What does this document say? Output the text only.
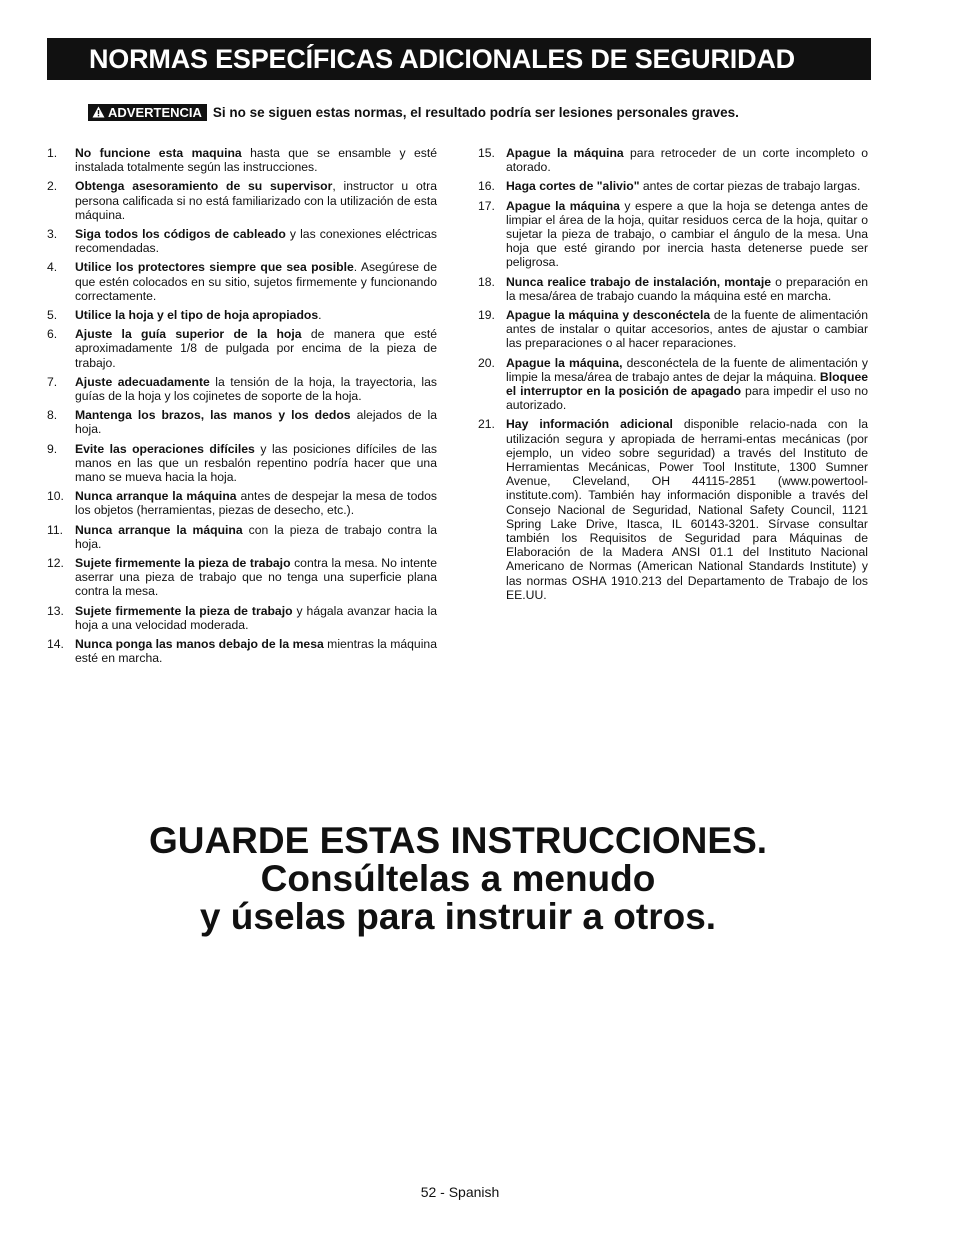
NORMAS ESPECÍFICAS ADICIONALES DE SEGURIDAD
ADVERTENCIA Si no se siguen estas normas, el resultado podría ser lesiones personales graves.
1.	No funcione esta maquina hasta que se ensamble y esté instalada totalmente según las instrucciones.
2.	Obtenga asesoramiento de su supervisor, instructor u otra persona calificada si no está familiarizado con la utilización de esta máquina.
3.	Siga todos los códigos de cableado y las conexiones eléctricas recomendadas.
4.	Utilice los protectores siempre que sea posible. Asegúrese de que estén colocados en su sitio, sujetos firmemente y funcionando correctamente.
5.	Utilice la hoja y el tipo de hoja apropiados.
6.	Ajuste la guía superior de la hoja de manera que esté aproximadamente 1/8 de pulgada por encima de la pieza de trabajo.
7.	Ajuste adecuadamente la tensión de la hoja, la trayectoria, las guías de la hoja y los cojinetes de soporte de la hoja.
8.	Mantenga los brazos, las manos y los dedos alejados de la hoja.
9.	Evite las operaciones difíciles y las posiciones difíciles de las manos en las que un resbalón repentino podría hacer que una mano se mueva hacia la hoja.
10. Nunca arranque la máquina antes de despejar la mesa de todos los objetos (herramientas, piezas de desecho, etc.).
11. Nunca arranque la máquina con la pieza de trabajo contra la hoja.
12. Sujete firmemente la pieza de trabajo contra la mesa. No intente aserrar una pieza de trabajo que no tenga una superficie plana contra la mesa.
13. Sujete firmemente la pieza de trabajo y hágala avanzar hacia la hoja a una velocidad moderada.
14. Nunca ponga las manos debajo de la mesa mientras la máquina esté en marcha.
15. Apague la máquina para retroceder de un corte incompleto o atorado.
16. Haga cortes de "alivio" antes de cortar piezas de trabajo largas.
17. Apague la máquina y espere a que la hoja se detenga antes de limpiar el área de la hoja, quitar residuos cerca de la hoja, quitar o sujetar la pieza de trabajo, o cambiar el ángulo de la mesa. Una hoja que esté girando por inercia hasta detenerse puede ser peligrosa.
18. Nunca realice trabajo de instalación, montaje o preparación en la mesa/área de trabajo cuando la máquina esté en marcha.
19. Apague la máquina y desconéctela de la fuente de alimentación antes de instalar o quitar accesorios, antes de ajustar o cambiar las preparaciones o al hacer reparaciones.
20. Apague la máquina, desconéctela de la fuente de alimentación y limpie la mesa/área de trabajo antes de dejar la máquina. Bloquee el interruptor en la posición de apagado para impedir el uso no autorizado.
21. Hay información adicional disponible relacio-nada con la utilización segura y apropiada de herrami-entas mecánicas (por ejemplo, un video sobre seguridad) a través del Instituto de Herramientas Mecánicas, Power Tool Institute, 1300 Sumner Avenue, Cleveland, OH 44115-2851 (www.powertool-institute.com). También hay información disponible a través del Consejo Nacional de Seguridad, National Safety Council, 1121 Spring Lake Drive, Itasca, IL 60143-3201. Sírvase consultar también los Requisitos de Seguridad para Máquinas de Elaboración de la Madera ANSI 01.1 del Instituto Nacional Americano de Normas (American National Standards Institute) y las normas OSHA 1910.213 del Departamento de Trabajo de los EE.UU.
GUARDE ESTAS INSTRUCCIONES.
Consúltelas a menudo
y úselas para instruir a otros.
52 - Spanish
